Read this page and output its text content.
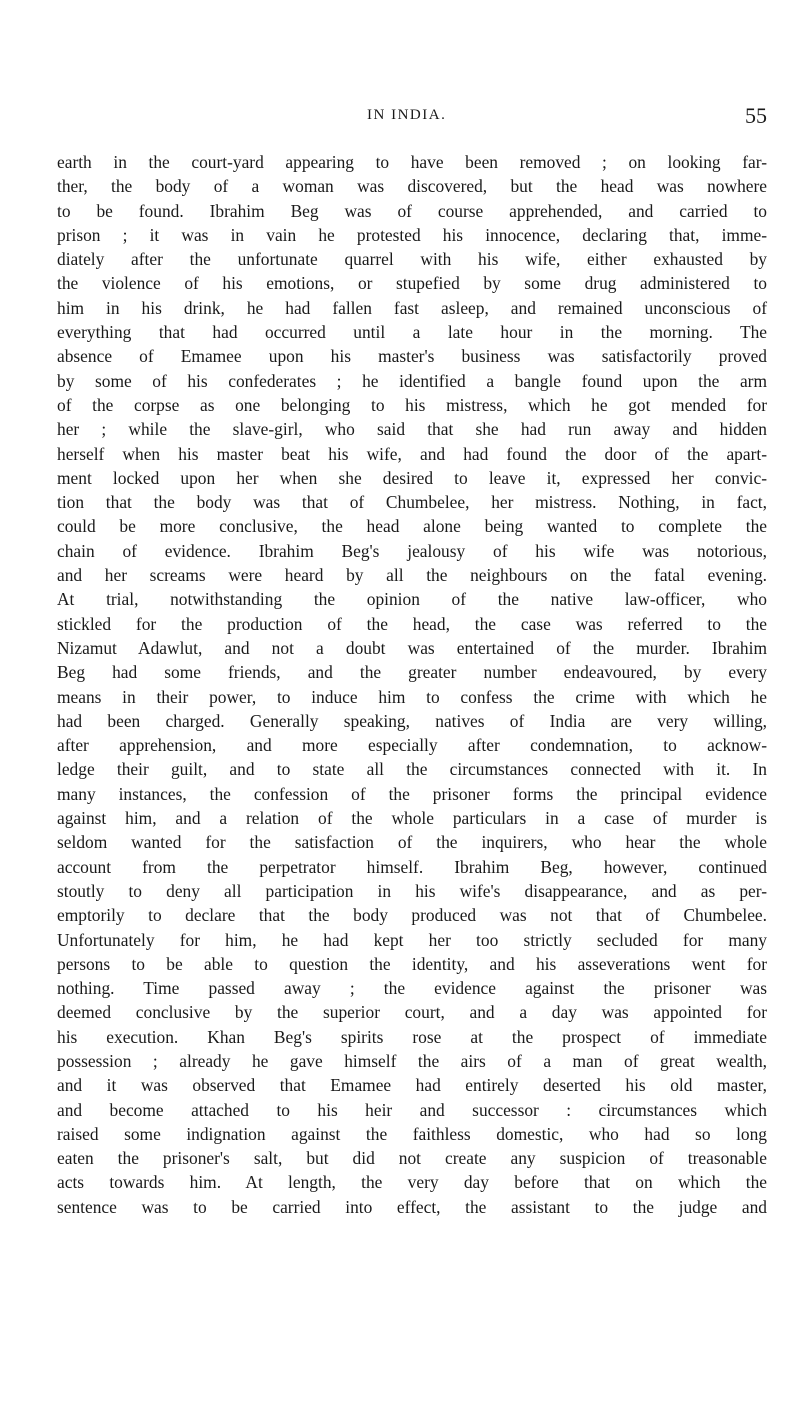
IN INDIA.	55
earth in the court-yard appearing to have been removed ; on looking far-
ther, the body of a woman was discovered, but the head was nowhere
to be found. Ibrahim Beg was of course apprehended, and carried to
prison ; it was in vain he protested his innocence, declaring that, imme-
diately after the unfortunate quarrel with his wife, either exhausted by
the violence of his emotions, or stupefied by some drug administered to
him in his drink, he had fallen fast asleep, and remained unconscious of
everything that had occurred until a late hour in the morning. The
absence of Emamee upon his master's business was satisfactorily proved
by some of his confederates ; he identified a bangle found upon the arm
of the corpse as one belonging to his mistress, which he got mended for
her ; while the slave-girl, who said that she had run away and hidden
herself when his master beat his wife, and had found the door of the apart-
ment locked upon her when she desired to leave it, expressed her convic-
tion that the body was that of Chumbelee, her mistress. Nothing, in fact,
could be more conclusive, the head alone being wanted to complete the
chain of evidence. Ibrahim Beg's jealousy of his wife was notorious,
and her screams were heard by all the neighbours on the fatal evening.
At trial, notwithstanding the opinion of the native law-officer, who
stickled for the production of the head, the case was referred to the
Nizamut Adawlut, and not a doubt was entertained of the murder. Ibrahim
Beg had some friends, and the greater number endeavoured, by every
means in their power, to induce him to confess the crime with which he
had been charged. Generally speaking, natives of India are very willing,
after apprehension, and more especially after condemnation, to acknow-
ledge their guilt, and to state all the circumstances connected with it. In
many instances, the confession of the prisoner forms the principal evidence
against him, and a relation of the whole particulars in a case of murder is
seldom wanted for the satisfaction of the inquirers, who hear the whole
account from the perpetrator himself. Ibrahim Beg, however, continued
stoutly to deny all participation in his wife's disappearance, and as per-
emptorily to declare that the body produced was not that of Chumbelee.
Unfortunately for him, he had kept her too strictly secluded for many
persons to be able to question the identity, and his asseverations went for
nothing. Time passed away ; the evidence against the prisoner was
deemed conclusive by the superior court, and a day was appointed for
his execution. Khan Beg's spirits rose at the prospect of immediate
possession ; already he gave himself the airs of a man of great wealth,
and it was observed that Emamee had entirely deserted his old master,
and become attached to his heir and successor : circumstances which
raised some indignation against the faithless domestic, who had so long
eaten the prisoner's salt, but did not create any suspicion of treasonable
acts towards him. At length, the very day before that on which the
sentence was to be carried into effect, the assistant to the judge and
